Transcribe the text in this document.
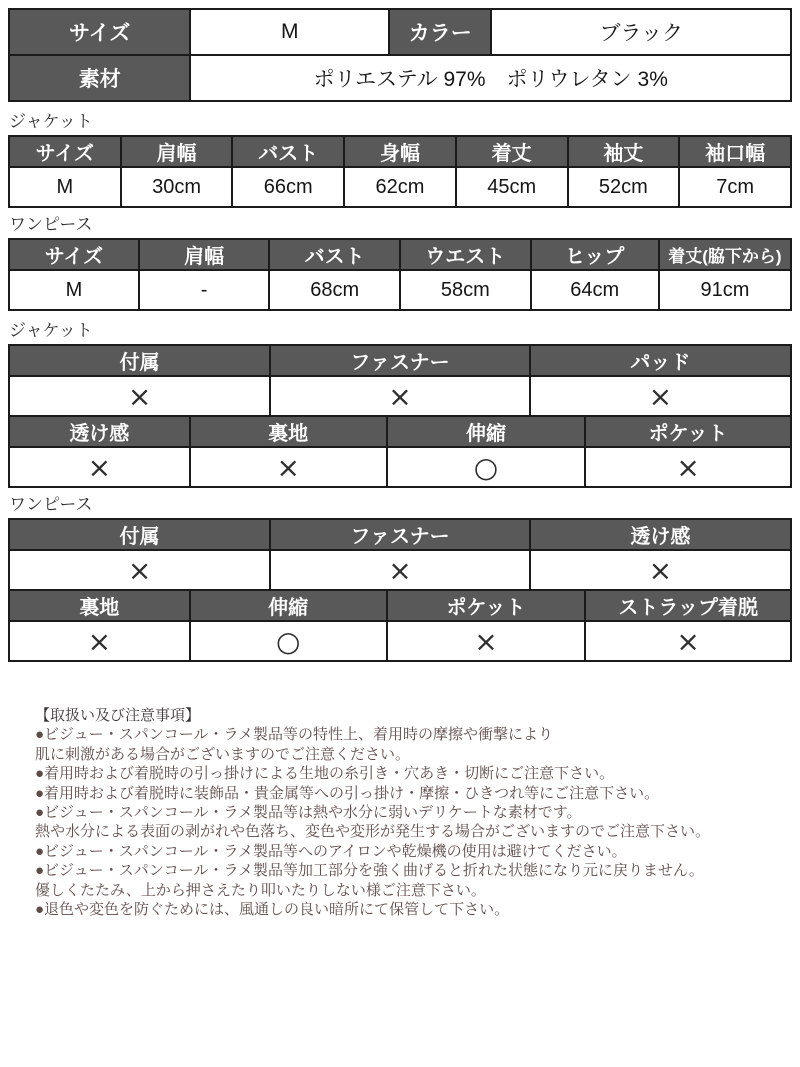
サイズ	M	カラー	ブラック
素材	ポリエステル 97%　ポリウレタン 3%		
ジャケット
サイズ	肩幅	バスト	身幅	着丈	袖丈	袖口幅
M	30cm	66cm	62cm	45cm	52cm	7cm
ワンピース
サイズ	肩幅	バスト	ウエスト	ヒップ	着丈(脇下から)
M	-	68cm	58cm	64cm	91cm
ジャケット
付属	ファスナー	パッド
×	×	×
透け感	裏地	伸縮	ポケット
×	×	○	×
ワンピース
付属	ファスナー	透け感
×	×	×
裏地	伸縮	ポケット	ストラップ着脱
×	○	×	×
【取扱い及び注意事項】
●ビジュー・スパンコール・ラメ製品等の特性上、着用時の摩擦や衝撃により
肌に刺激がある場合がございますのでご注意ください。
●着用時および着脱時の引っ掛けによる生地の糸引き・穴あき・切断にご注意下さい。
●着用時および着脱時に装飾品・貴金属等への引っ掛け・摩擦・ひきつれ等にご注意下さい。
●ビジュー・スパンコール・ラメ製品等は熱や水分に弱いデリケートな素材です。
熱や水分による表面の剥がれや色落ち、変色や変形が発生する場合がございますのでご注意下さい。
●ビジュー・スパンコール・ラメ製品等へのアイロンや乾燥機の使用は避けてください。
●ビジュー・スパンコール・ラメ製品等加工部分を強く曲げると折れた状態になり元に戻りません。
優しくたたみ、上から押さえたり叩いたりしない様ご注意下さい。
●退色や変色を防ぐためには、風通しの良い暗所にて保管して下さい。
